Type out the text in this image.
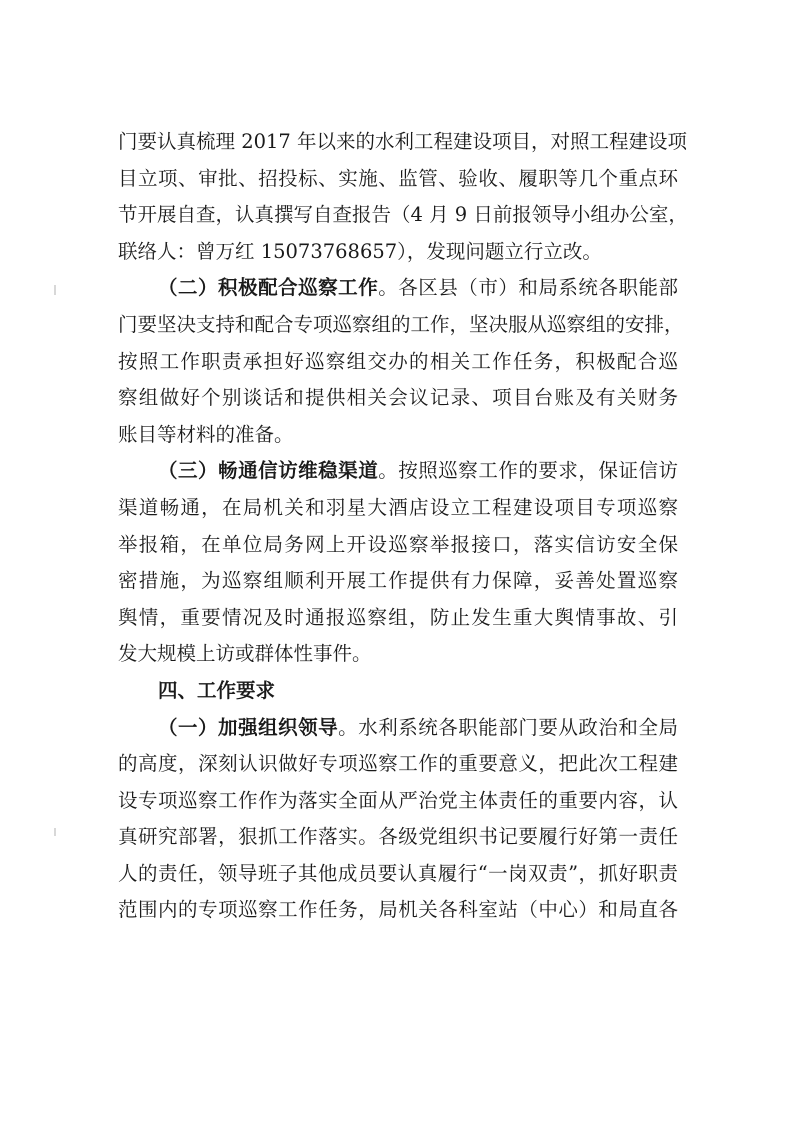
门要认真梳理 2017 年以来的水利工程建设项目，对照工程建设项
目立项、审批、招投标、实施、监管、验收、履职等几个重点环
节开展自查，认真撰写自查报告（4 月 9 日前报领导小组办公室，
联络人：曾万红 15073768657），发现问题立行立改。
（二）积极配合巡察工作。各区县（市）和局系统各职能部
门要坚决支持和配合专项巡察组的工作，坚决服从巡察组的安排，
按照工作职责承担好巡察组交办的相关工作任务，积极配合巡
察组做好个别谈话和提供相关会议记录、项目台账及有关财务
账目等材料的准备。
（三）畅通信访维稳渠道。按照巡察工作的要求，保证信访
渠道畅通，在局机关和羽星大酒店设立工程建设项目专项巡察
举报箱，在单位局务网上开设巡察举报接口，落实信访安全保
密措施，为巡察组顺利开展工作提供有力保障，妥善处置巡察
舆情，重要情况及时通报巡察组，防止发生重大舆情事故、引
发大规模上访或群体性事件。
四、工作要求
（一）加强组织领导。水利系统各职能部门要从政治和全局
的高度，深刻认识做好专项巡察工作的重要意义，把此次工程建
设专项巡察工作作为落实全面从严治党主体责任的重要内容，认
真研究部署，狠抓工作落实。各级党组织书记要履行好第一责任
人的责任，领导班子其他成员要认真履行“一岗双责”，抓好职责
范围内的专项巡察工作任务，局机关各科室站（中心）和局直各
